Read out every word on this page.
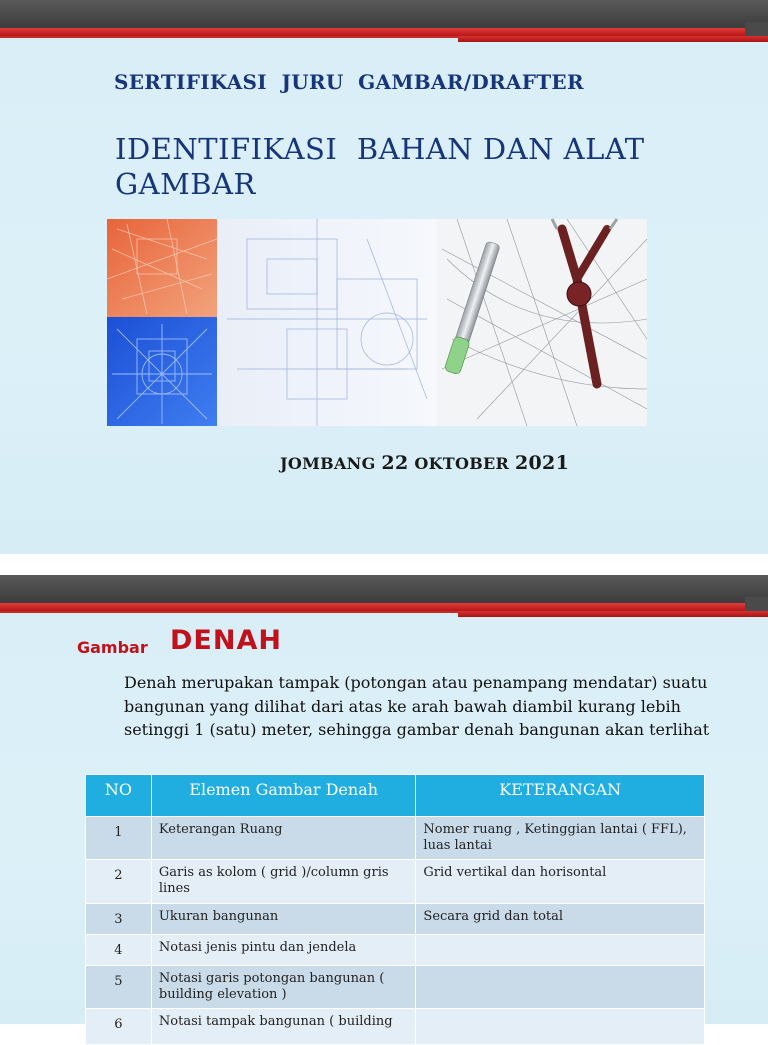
SERTIFIKASI  JURU  GAMBAR/DRAFTER
IDENTIFIKASI  BAHAN DAN ALAT
GAMBAR
JOMBANG 22 OKTOBER 2021
Gambar DENAH
Denah merupakan tampak (potongan atau penampang mendatar) suatu bangunan yang dilihat dari atas ke arah bawah diambil kurang lebih setinggi 1 (satu) meter, sehingga gambar denah bangunan akan terlihat
NO	Elemen Gambar Denah	KETERANGAN
1	Keterangan Ruang	Nomer ruang , Ketinggian lantai ( FFL), luas lantai
2	Garis as kolom ( grid )/column gris lines	Grid vertikal dan horisontal
3	Ukuran bangunan	Secara grid dan total
4	Notasi jenis pintu dan jendela	
5	Notasi garis potongan bangunan ( building elevation )	
6	Notasi tampak bangunan ( building	
